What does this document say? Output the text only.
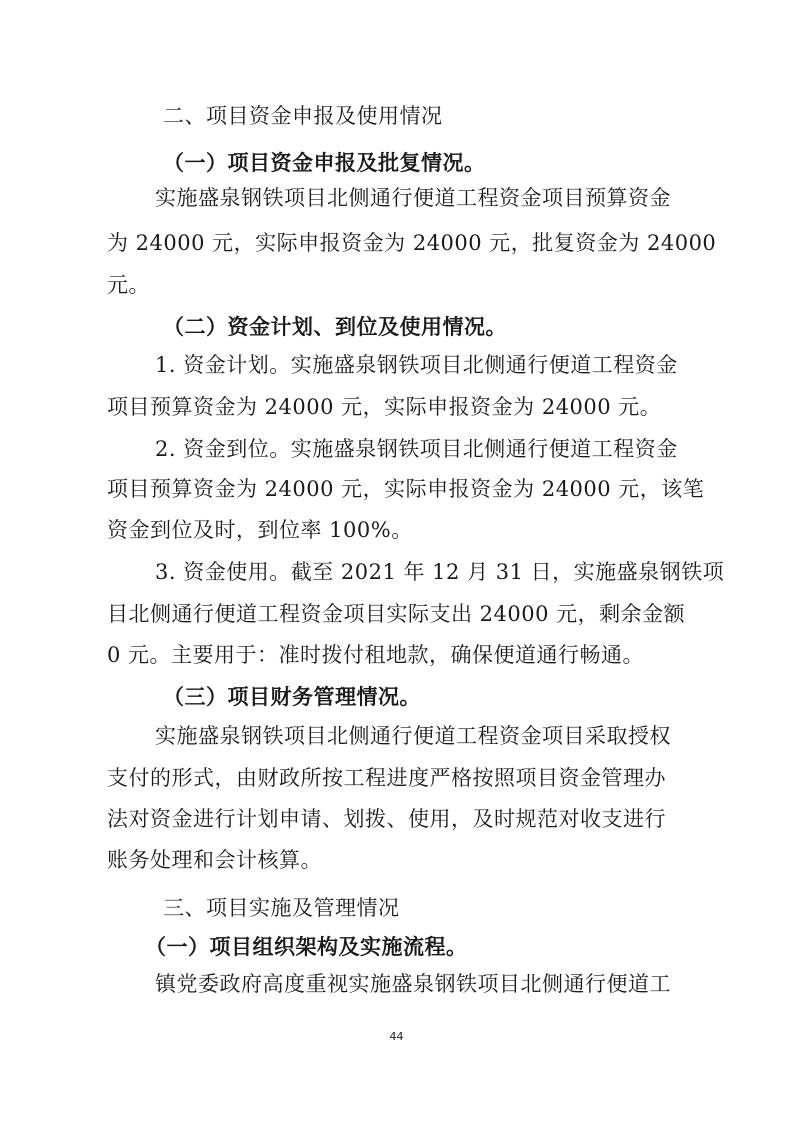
二、项目资金申报及使用情况
（一）项目资金申报及批复情况。
实施盛泉钢铁项目北侧通行便道工程资金项目预算资金
为 24000 元，实际申报资金为 24000 元，批复资金为 24000
元。
（二）资金计划、到位及使用情况。
1. 资金计划。实施盛泉钢铁项目北侧通行便道工程资金
项目预算资金为 24000 元，实际申报资金为 24000 元。
2. 资金到位。实施盛泉钢铁项目北侧通行便道工程资金
项目预算资金为 24000 元，实际申报资金为 24000 元，该笔
资金到位及时，到位率 100%。
3. 资金使用。截至 2021 年 12 月 31 日，实施盛泉钢铁项
目北侧通行便道工程资金项目实际支出 24000 元，剩余金额
0 元。主要用于：准时拨付租地款，确保便道通行畅通。
（三）项目财务管理情况。
实施盛泉钢铁项目北侧通行便道工程资金项目采取授权
支付的形式，由财政所按工程进度严格按照项目资金管理办
法对资金进行计划申请、划拨、使用，及时规范对收支进行
账务处理和会计核算。
三、项目实施及管理情况
（一）项目组织架构及实施流程。
镇党委政府高度重视实施盛泉钢铁项目北侧通行便道工
44
